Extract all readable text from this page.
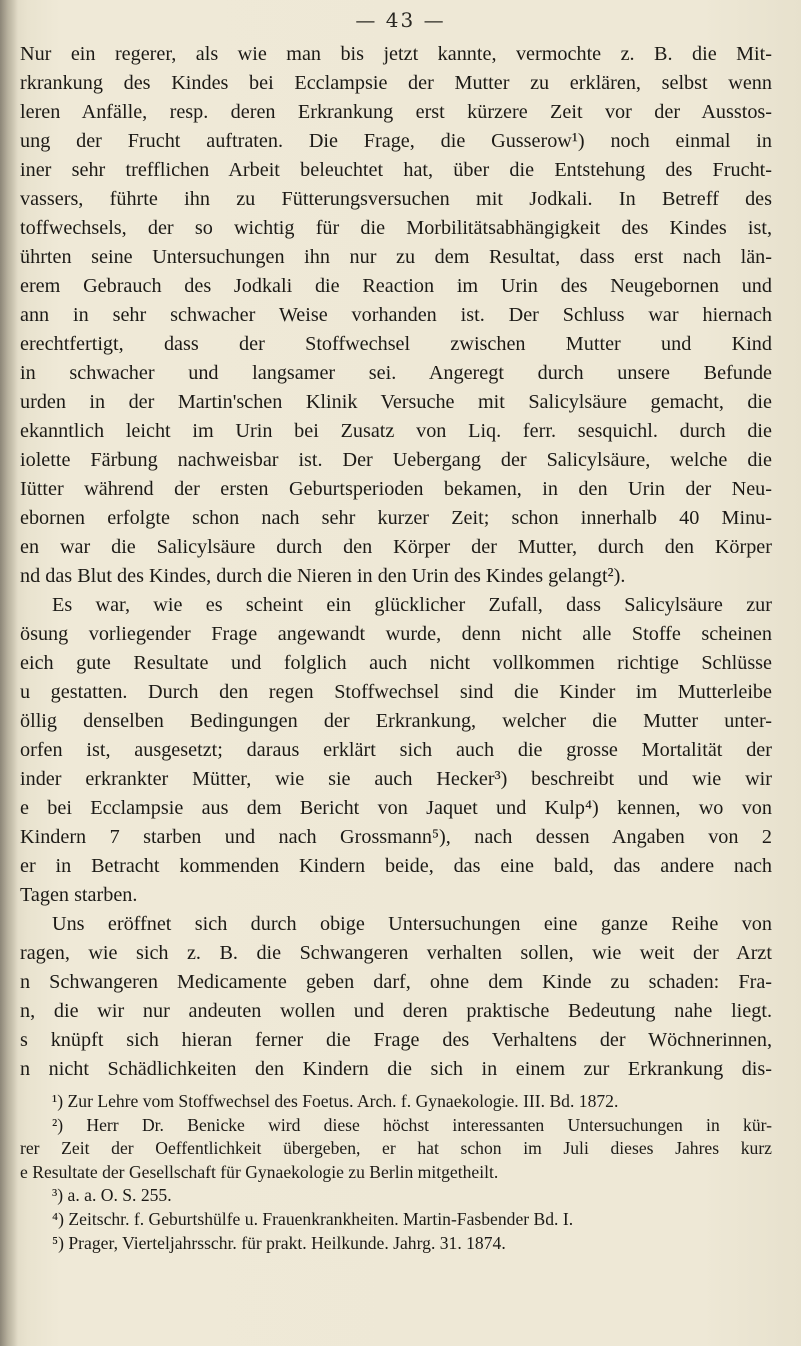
— 43 —
Nur ein regerer, als wie man bis jetzt kannte, vermochte z. B. die Mit-
rkrankung des Kindes bei Ecclampsie der Mutter zu erklären, selbst wenn
leren Anfälle, resp. deren Erkrankung erst kürzere Zeit vor der Ausstos-
ung der Frucht auftraten. Die Frage, die Gusserow¹) noch einmal in
iner sehr trefflichen Arbeit beleuchtet hat, über die Entstehung des Frucht-
vassers, führte ihn zu Fütterungsversuchen mit Jodkali. In Betreff des
toffwechsels, der so wichtig für die Morbilitätsabhängigkeit des Kindes ist,
ührten seine Untersuchungen ihn nur zu dem Resultat, dass erst nach län-
erem Gebrauch des Jodkali die Reaction im Urin des Neugebornen und
ann in sehr schwacher Weise vorhanden ist. Der Schluss war hiernach
erechtfertigt, dass der Stoffwechsel zwischen Mutter und Kind
in schwacher und langsamer sei. Angeregt durch unsere Befunde
urden in der Martin'schen Klinik Versuche mit Salicylsäure gemacht, die
ekanntlich leicht im Urin bei Zusatz von Liq. ferr. sesquichl. durch die
iolette Färbung nachweisbar ist. Der Uebergang der Salicylsäure, welche die
Iütter während der ersten Geburtsperioden bekamen, in den Urin der Neu-
ebornen erfolgte schon nach sehr kurzer Zeit; schon innerhalb 40 Minu-
en war die Salicylsäure durch den Körper der Mutter, durch den Körper
nd das Blut des Kindes, durch die Nieren in den Urin des Kindes gelangt²).
Es war, wie es scheint ein glücklicher Zufall, dass Salicylsäure zur
ösung vorliegender Frage angewandt wurde, denn nicht alle Stoffe scheinen
eich gute Resultate und folglich auch nicht vollkommen richtige Schlüsse
u gestatten. Durch den regen Stoffwechsel sind die Kinder im Mutterleibe
öllig denselben Bedingungen der Erkrankung, welcher die Mutter unter-
orfen ist, ausgesetzt; daraus erklärt sich auch die grosse Mortalität der
inder erkrankter Mütter, wie sie auch Hecker³) beschreibt und wie wir
e bei Ecclampsie aus dem Bericht von Jaquet und Kulp⁴) kennen, wo von
Kindern 7 starben und nach Grossmann⁵), nach dessen Angaben von 2
er in Betracht kommenden Kindern beide, das eine bald, das andere nach
Tagen starben.
Uns eröffnet sich durch obige Untersuchungen eine ganze Reihe von
ragen, wie sich z. B. die Schwangeren verhalten sollen, wie weit der Arzt
n Schwangeren Medicamente geben darf, ohne dem Kinde zu schaden: Fra-
n, die wir nur andeuten wollen und deren praktische Bedeutung nahe liegt.
s knüpft sich hieran ferner die Frage des Verhaltens der Wöchnerinnen,
n nicht Schädlichkeiten den Kindern die sich in einem zur Erkrankung dis-
¹) Zur Lehre vom Stoffwechsel des Foetus. Arch. f. Gynaekologie. III. Bd. 1872.
²) Herr Dr. Benicke wird diese höchst interessanten Untersuchungen in kür-
rer Zeit der Oeffentlichkeit übergeben, er hat schon im Juli dieses Jahres kurz
e Resultate der Gesellschaft für Gynaekologie zu Berlin mitgetheilt.
³) a. a. O. S. 255.
⁴) Zeitschr. f. Geburtshülfe u. Frauenkrankheiten. Martin-Fasbender Bd. I.
⁵) Prager, Vierteljahrsschr. für prakt. Heilkunde. Jahrg. 31. 1874.
